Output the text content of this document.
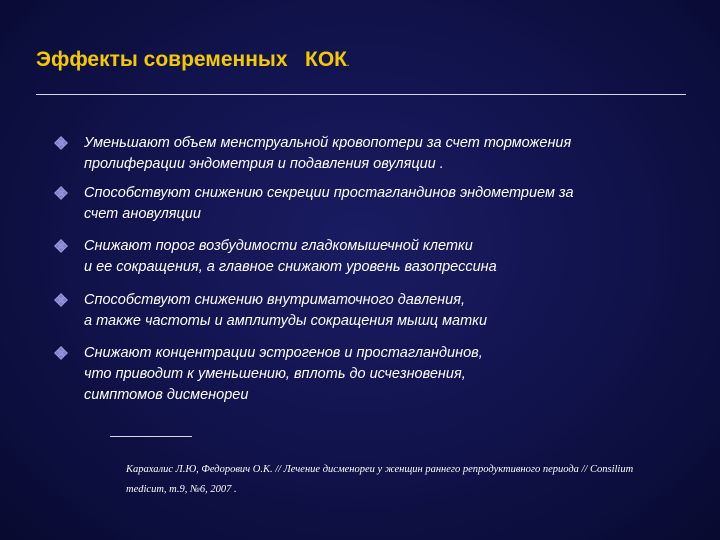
Эффекты современных   КОК.
Уменьшают объем менструальной кровопотери за счет торможения
пролиферации эндометрия и подавления овуляции .
Способствуют снижению секреции простагландинов эндометрием за
счет ановуляции
Снижают порог возбудимости гладкомышечной клетки
и ее сокращения, а главное снижают уровень вазопрессина
Способствуют снижению внутриматочного давления,
а также частоты и амплитуды сокращения мышц матки
Снижают концентрации эстрогенов и простагландинов,
что приводит к уменьшению, вплоть до исчезновения,
симптомов дисменореи
Карахалис Л.Ю, Федорович О.К. // Лечение дисменореи у женщин раннего репродуктивного периода // Consilium
medicum, т.9, №6, 2007 .
